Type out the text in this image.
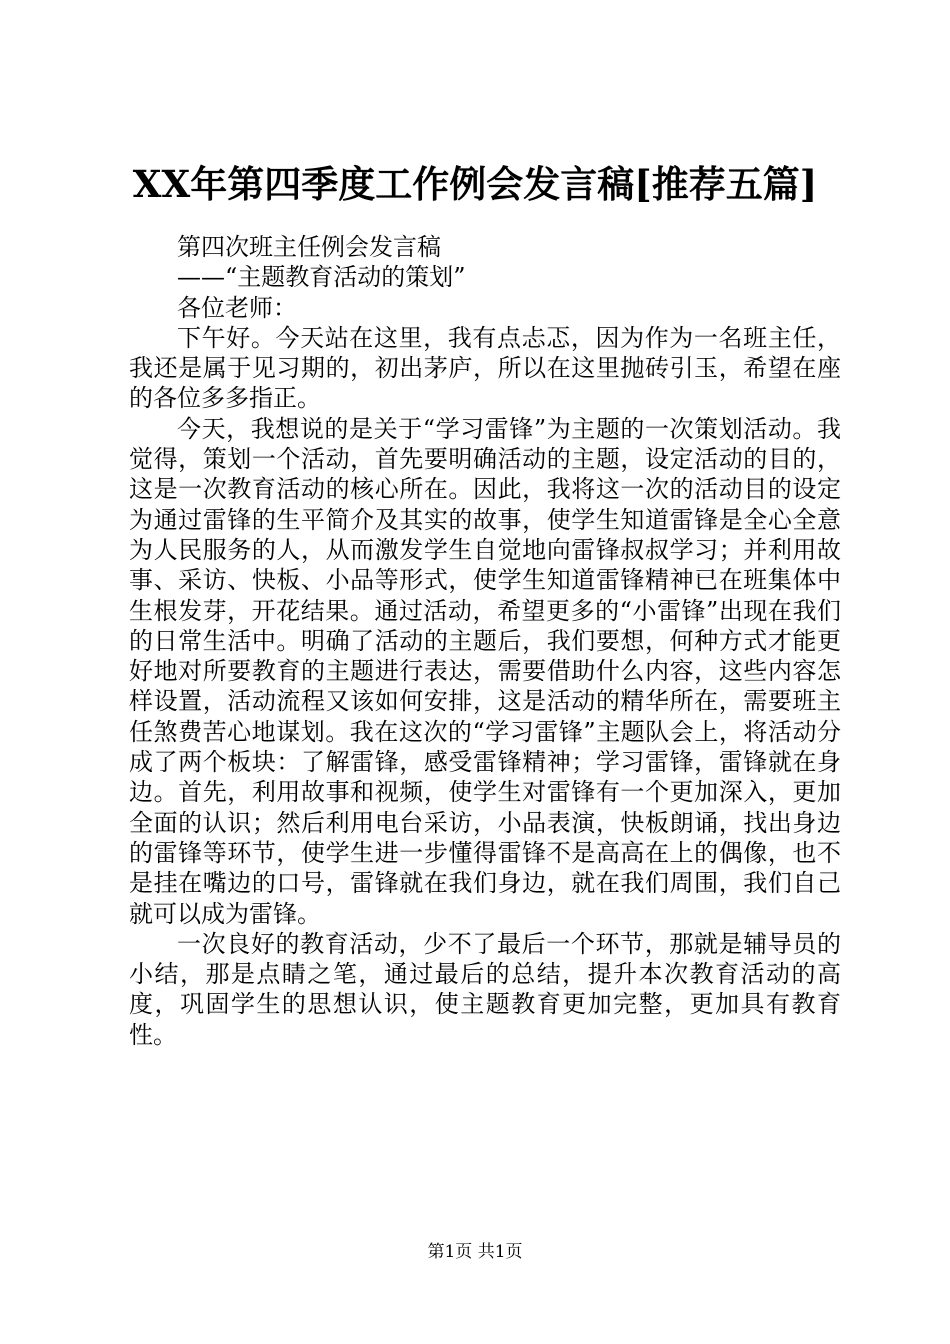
XX年第四季度工作例会发言稿[推荐五篇]

第四次班主任例会发言稿

——“主题教育活动的策划”

各位老师：

下午好。今天站在这里，我有点忐忑，因为作为一名班主任，我还是属于见习期的，初出茅庐，所以在这里抛砖引玉，希望在座的各位多多指正。

今天，我想说的是关于“学习雷锋”为主题的一次策划活动。我觉得，策划一个活动，首先要明确活动的主题，设定活动的目的，这是一次教育活动的核心所在。因此，我将这一次的活动目的设定为通过雷锋的生平简介及其实的故事，使学生知道雷锋是全心全意为人民服务的人，从而激发学生自觉地向雷锋叔叔学习；并利用故事、采访、快板、小品等形式，使学生知道雷锋精神已在班集体中生根发芽，开花结果。通过活动，希望更多的“小雷锋”出现在我们的日常生活中。明确了活动的主题后，我们要想，何种方式才能更好地对所要教育的主题进行表达，需要借助什么内容，这些内容怎样设置，活动流程又该如何安排，这是活动的精华所在，需要班主任煞费苦心地谋划。我在这次的“学习雷锋”主题队会上，将活动分成了两个板块：了解雷锋，感受雷锋精神；学习雷锋，雷锋就在身边。首先，利用故事和视频，使学生对雷锋有一个更加深入，更加全面的认识；然后利用电台采访，小品表演，快板朗诵，找出身边的雷锋等环节，使学生进一步懂得雷锋不是高高在上的偶像，也不是挂在嘴边的口号，雷锋就在我们身边，就在我们周围，我们自己就可以成为雷锋。

一次良好的教育活动，少不了最后一个环节，那就是辅导员的小结，那是点睛之笔，通过最后的总结，提升本次教育活动的高度，巩固学生的思想认识，使主题教育更加完整，更加具有教育性。

第1页 共1页
